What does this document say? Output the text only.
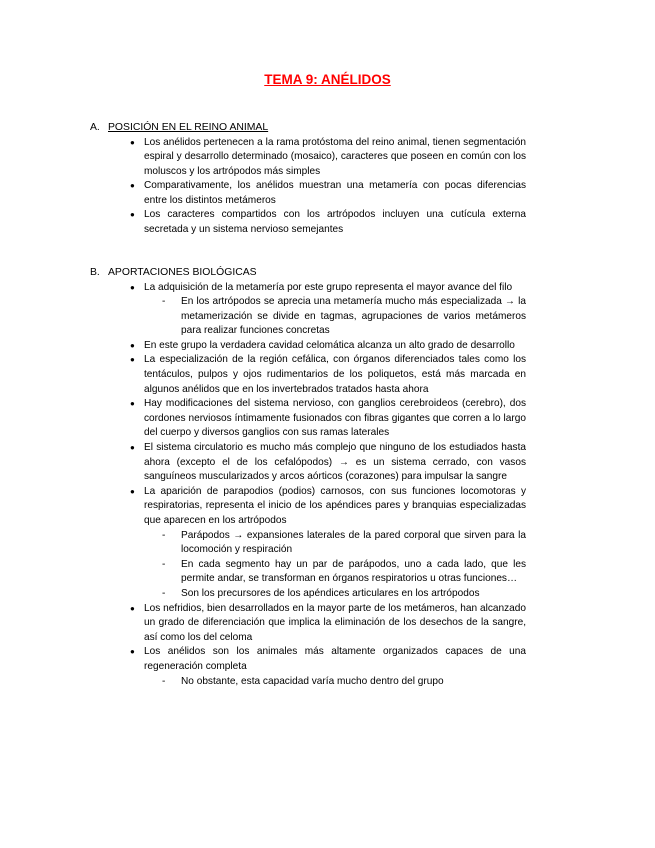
TEMA 9: ANÉLIDOS
A. POSICIÓN EN EL REINO ANIMAL
● Los anélidos pertenecen a la rama protóstoma del reino animal, tienen segmentación espiral y desarrollo determinado (mosaico), caracteres que poseen en común con los moluscos y los artrópodos más simples
● Comparativamente, los anélidos muestran una metamería con pocas diferencias entre los distintos metámeros
● Los caracteres compartidos con los artrópodos incluyen una cutícula externa secretada y un sistema nervioso semejantes
B. APORTACIONES BIOLÓGICAS
● La adquisición de la metamería por este grupo representa el mayor avance del filo
- En los artrópodos se aprecia una metamería mucho más especializada → la metamerización se divide en tagmas, agrupaciones de varios metámeros para realizar funciones concretas
● En este grupo la verdadera cavidad celomática alcanza un alto grado de desarrollo
● La especialización de la región cefálica, con órganos diferenciados tales como los tentáculos, pulpos y ojos rudimentarios de los poliquetos, está más marcada en algunos anélidos que en los invertebrados tratados hasta ahora
● Hay modificaciones del sistema nervioso, con ganglios cerebroideos (cerebro), dos cordones nerviosos íntimamente fusionados con fibras gigantes que corren a lo largo del cuerpo y diversos ganglios con sus ramas laterales
● El sistema circulatorio es mucho más complejo que ninguno de los estudiados hasta ahora (excepto el de los cefalópodos) → es un sistema cerrado, con vasos sanguíneos muscularizados y arcos aórticos (corazones) para impulsar la sangre
● La aparición de parapodios (podios) carnosos, con sus funciones locomotoras y respiratorias, representa el inicio de los apéndices pares y branquias especializadas que aparecen en los artrópodos
- Parápodos → expansiones laterales de la pared corporal que sirven para la locomoción y respiración
- En cada segmento hay un par de parápodos, uno a cada lado, que les permite andar, se transforman en órganos respiratorios u otras funciones…
- Son los precursores de los apéndices articulares en los artrópodos
● Los nefridios, bien desarrollados en la mayor parte de los metámeros, han alcanzado un grado de diferenciación que implica la eliminación de los desechos de la sangre, así como los del celoma
● Los anélidos son los animales más altamente organizados capaces de una regeneración completa
- No obstante, esta capacidad varía mucho dentro del grupo
